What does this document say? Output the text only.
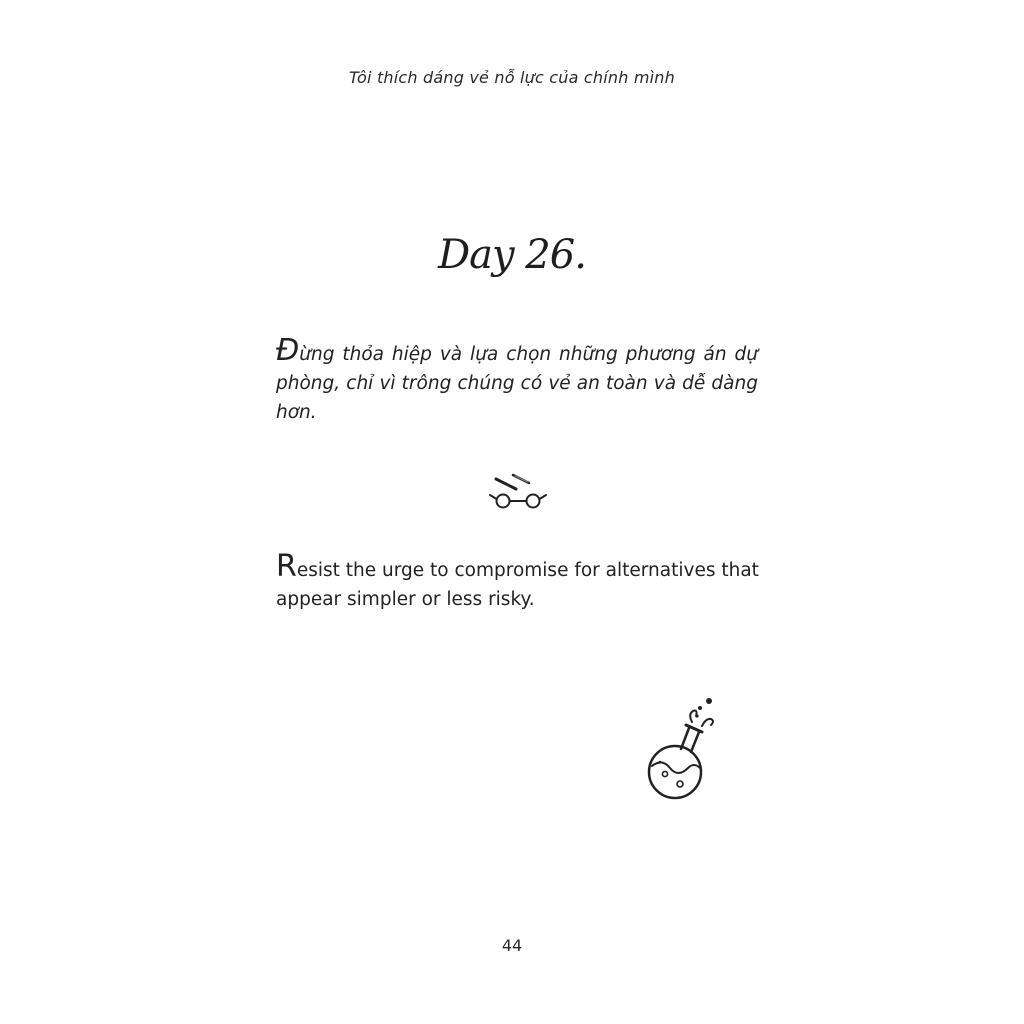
Tôi thích dáng vẻ nỗ lực của chính mình
Day 26.

Đừng thỏa hiệp và lựa chọn những phương án dự phòng, chỉ vì trông chúng có vẻ an toàn và dễ dàng hơn.

Resist the urge to compromise for alternatives that appear simpler or less risky.

44
